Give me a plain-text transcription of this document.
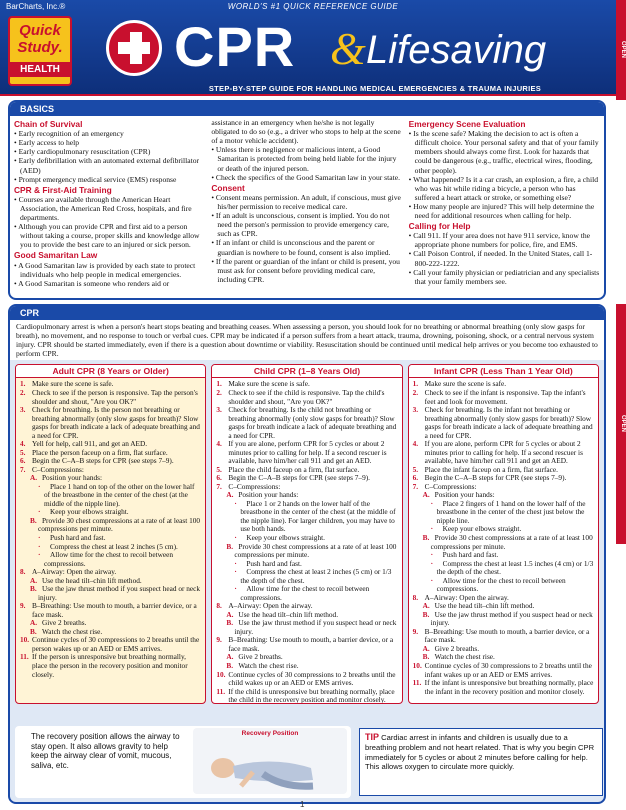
BarCharts, Inc.®	WORLD'S #1 QUICK REFERENCE GUIDE
Quick
Study.
HEALTH CPR & Lifesaving
STEP-BY-STEP GUIDE FOR HANDLING MEDICAL EMERGENCIES & TRAUMA INJURIES
OPEN
BASICS
Chain of Survival
• Early recognition of an emergency
• Early access to help
• Early cardiopulmonary resuscitation (CPR)
• Early defibrillation with an automated external defibrillator (AED)
• Prompt emergency medical service (EMS) response
CPR & First-Aid Training
• Courses are available through the American Heart Association, the American Red Cross, hospitals, and fire departments.
• Although you can provide CPR and first aid to a person without taking a course, proper skills and knowledge allow you to provide the best care to an injured or sick person.
Good Samaritan Law
• A Good Samaritan law is provided by each state to protect individuals who help people in medical emergencies.
• A Good Samaritan is someone who renders aid or

assistance in an emergency when he/she is not legally obligated to do so (e.g., a driver who stops to help at the scene of a motor vehicle accident).

• Unless there is negligence or malicious intent, a Good Samaritan is protected from being held liable for the injury or death of the injured person.
• Check the specifics of the Good Samaritan law in your state.
Consent
• Consent means permission. An adult, if conscious, must give his/her permission to receive medical care.
• If an adult is unconscious, consent is implied. You do not need the person's permission to provide emergency care, such as CPR.
• If an infant or child is unconscious and the parent or guardian is nowhere to be found, consent is also implied.
• If the parent or guardian of the infant or child is present, you must ask for consent before providing medical care, including CPR.
Emergency Scene Evaluation
• Is the scene safe? Making the decision to act is often a difficult choice. Your personal safety and that of your family members should always come first. Look for hazards that could be dangerous (e.g., traffic, electrical wires, flooding, other people).
• What happened? Is it a car crash, an explosion, a fire, a child who was hit while riding a bicycle, a person who has suffered a heart attack or stroke, or something else?
• How many people are injured? This will help determine the need for additional resources when calling for help.
Calling for Help
• Call 911. If your area does not have 911 service, know the appropriate phone numbers for police, fire, and EMS.
• Call Poison Control, if needed. In the United States, call 1-800-222-1222.
• Call your family physician or pediatrician and any specialists that your family members see.
CPR

Cardiopulmonary arrest is when a person's heart stops beating and breathing ceases. When assessing a person, you should look for no breathing or abnormal breathing (only slow gasps for breath), no movement, and no response to touch or verbal cues. CPR may be indicated if a person suffers from a heart attack, trauma, drowning, poisoning, shock, or a central nervous system injury. CPR should be started immediately, even if there is a question about downtime or viability. Resuscitation should be continued until medical help arrives or you become too exhausted to perform CPR.

Adult CPR (8 Years or Older)
1. Make sure the scene is safe.
2. Check to see if the person is responsive. Tap the person's shoulder and shout, "Are you OK?"
3. Check for breathing. Is the person not breathing or breathing abnormally (only slow gasps for breath)? Slow gasps for breath indicate a lack of adequate breathing and a need for CPR.
4. Yell for help, call 911, and get an AED.
5. Place the person faceup on a firm, flat surface.
6. Begin the C–A–B steps for CPR (see steps 7–9).
7. C–Compressions:
A. Position your hands:
· Place 1 hand on top of the other on the lower half of the breastbone in the center of the chest (at the middle of the nipple line).
· Keep your elbows straight.
B. Provide 30 chest compressions at a rate of at least 100 compressions per minute.
· Push hard and fast.
· Compress the chest at least 2 inches (5 cm).
· Allow time for the chest to recoil between compressions.
8. A–Airway: Open the airway.
A. Use the head tilt–chin lift method.
B. Use the jaw thrust method if you suspect head or neck injury.
9. B–Breathing: Use mouth to mouth, a barrier device, or a face mask.
A. Give 2 breaths.
B. Watch the chest rise.
10. Continue cycles of 30 compressions to 2 breaths until the person wakes up or an AED or EMS arrives.
11. If the person is unresponsive but breathing normally, place the person in the recovery position and monitor closely.
Child CPR (1–8 Years Old)
1. Make sure the scene is safe.
2. Check to see if the child is responsive. Tap the child's shoulder and shout, "Are you OK?"
3. Check for breathing. Is the child not breathing or breathing abnormally (only slow gasps for breath)? Slow gasps for breath indicate a lack of adequate breathing and a need for CPR.
4. If you are alone, perform CPR for 5 cycles or about 2 minutes prior to calling for help. If a second rescuer is available, have him/her call 911 and get an AED.
5. Place the child faceup on a firm, flat surface.
6. Begin the C–A–B steps for CPR (see steps 7–9).
7. C–Compressions:
A. Position your hands:
· Place 1 or 2 hands on the lower half of the breastbone in the center of the chest (at the middle of the nipple line). For larger children, you may have to use both hands.
· Keep your elbows straight.
B. Provide 30 chest compressions at a rate of at least 100 compressions per minute.
· Push hard and fast.
· Compress the chest at least 2 inches (5 cm) or 1/3 the depth of the chest.
· Allow time for the chest to recoil between compressions.
8. A–Airway: Open the airway.
A. Use the head tilt–chin lift method.
B. Use the jaw thrust method if you suspect head or neck injury.
9. B–Breathing: Use mouth to mouth, a barrier device, or a face mask.
A. Give 2 breaths.
B. Watch the chest rise.
10. Continue cycles of 30 compressions to 2 breaths until the child wakes up or an AED or EMS arrives.
11. If the child is unresponsive but breathing normally, place the child in the recovery position and monitor closely.
Infant CPR (Less Than 1 Year Old)
1. Make sure the scene is safe.
2. Check to see if the infant is responsive. Tap the infant's feet and look for movement.
3. Check for breathing. Is the infant not breathing or breathing abnormally (only slow gasps for breath)? Slow gasps for breath indicate a lack of adequate breathing and a need for CPR.
4. If you are alone, perform CPR for 5 cycles or about 2 minutes prior to calling for help. If a second rescuer is available, have him/her call 911 and get an AED.
5. Place the infant faceup on a firm, flat surface.
6. Begin the C–A–B steps for CPR (see steps 7–9).
7. C–Compressions:
A. Position your hands:
· Place 2 fingers of 1 hand on the lower half of the breastbone in the center of the chest just below the nipple line.
· Keep your elbows straight.
B. Provide 30 chest compressions at a rate of at least 100 compressions per minute.
· Push hard and fast.
· Compress the chest at least 1.5 inches (4 cm) or 1/3 the depth of the chest.
· Allow time for the chest to recoil between compressions.
8. A–Airway: Open the airway.
A. Use the head tilt–chin lift method.
B. Use the jaw thrust method if you suspect head or neck injury.
9. B–Breathing: Use mouth to mouth, a barrier device, or a face mask.
A. Give 2 breaths.
B. Watch the chest rise.
10. Continue cycles of 30 compressions to 2 breaths until the infant wakes up or an AED or EMS arrives.
11. If the infant is unresponsive but breathing normally, place the infant in the recovery position and monitor closely.
The recovery position allows the airway to stay open. It also allows gravity to help keep the airway clear of vomit, mucous, saliva, etc.
Recovery Position	TIP Cardiac arrest in infants and children is usually due to a breathing problem and not heart related. That is why you begin CPR immediately for 5 cycles or about 2 minutes before calling for help. This allows oxygen to circulate more quickly.
OPEN
1
